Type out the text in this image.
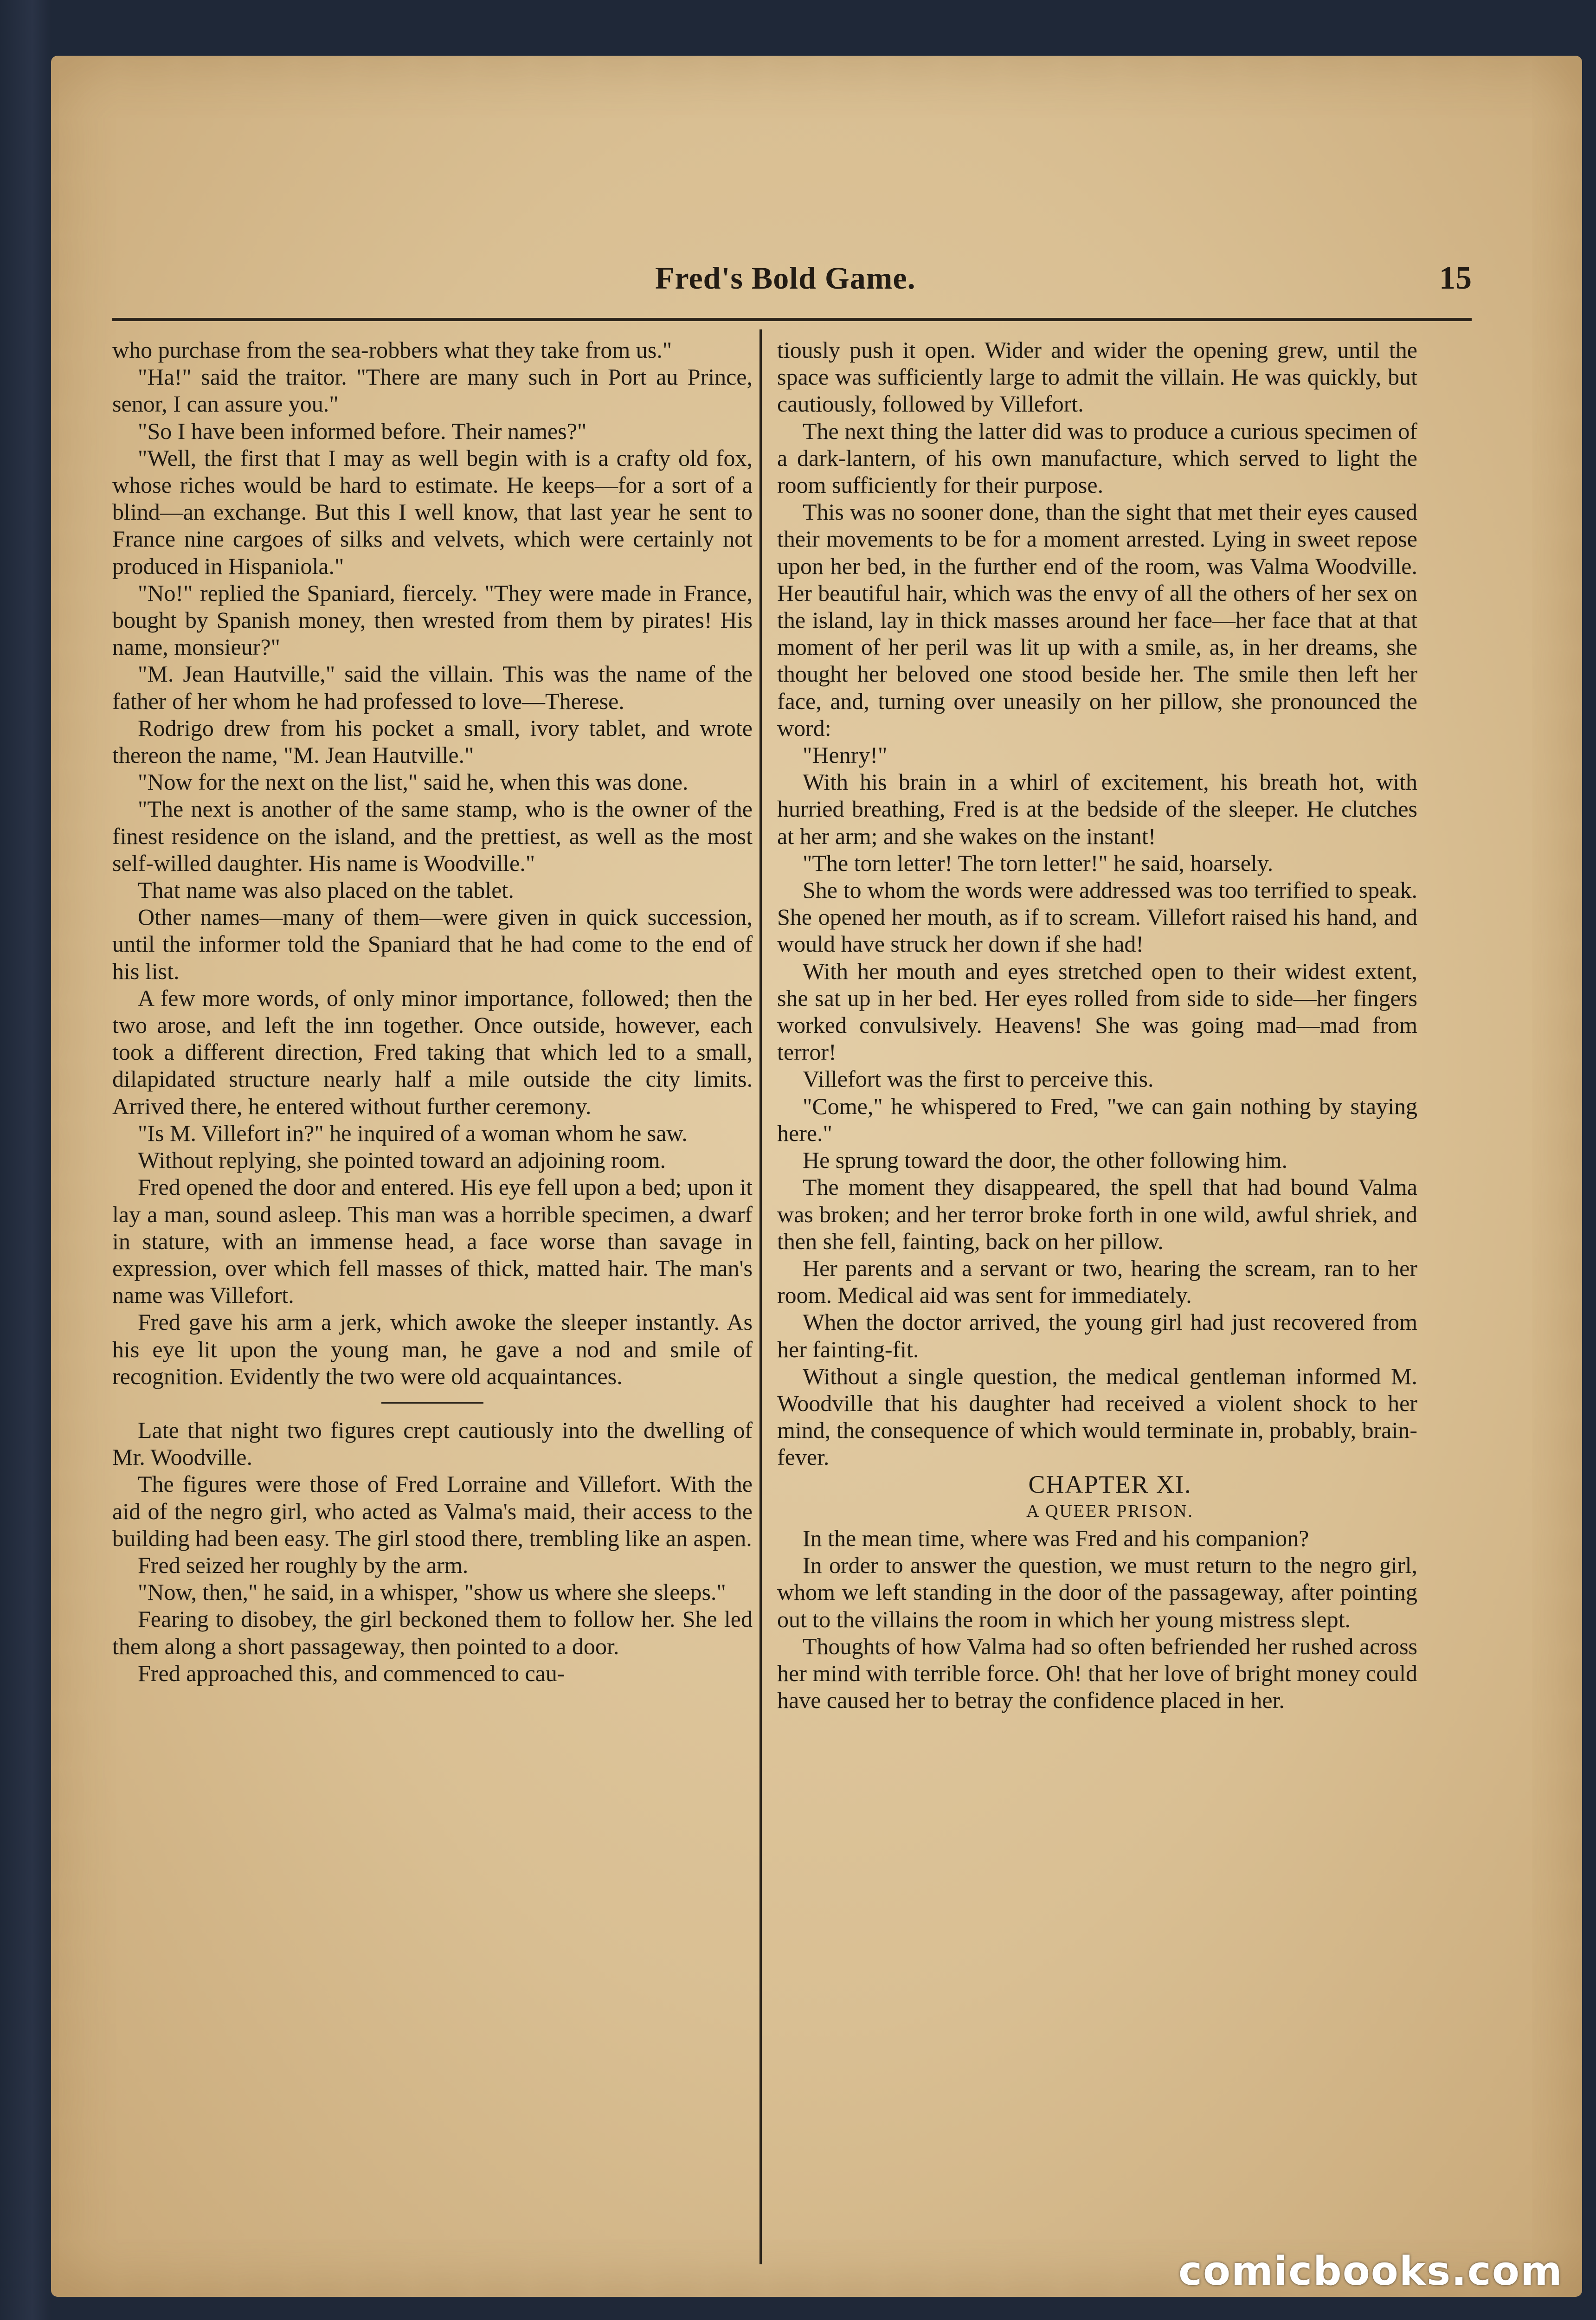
Fred's Bold Game.	15

who purchase from the sea-robbers what they take from us."

"Ha!" said the traitor. "There are many such in Port au Prince, senor, I can assure you."

"So I have been informed before. Their names?"

"Well, the first that I may as well begin with is a crafty old fox, whose riches would be hard to estimate. He keeps—for a sort of a blind—an exchange. But this I well know, that last year he sent to France nine cargoes of silks and velvets, which were certainly not produced in Hispaniola."

"No!" replied the Spaniard, fiercely. "They were made in France, bought by Spanish money, then wrested from them by pirates! His name, monsieur?"

"M. Jean Hautville," said the villain. This was the name of the father of her whom he had professed to love—Therese.

Rodrigo drew from his pocket a small, ivory tablet, and wrote thereon the name, "M. Jean Hautville."

"Now for the next on the list," said he, when this was done.

"The next is another of the same stamp, who is the owner of the finest residence on the island, and the prettiest, as well as the most self-willed daughter. His name is Woodville."

That name was also placed on the tablet.

Other names—many of them—were given in quick succession, until the informer told the Spaniard that he had come to the end of his list.

A few more words, of only minor importance, followed; then the two arose, and left the inn together. Once outside, however, each took a different direction, Fred taking that which led to a small, dilapidated structure nearly half a mile outside the city limits. Arrived there, he entered without further ceremony.

"Is M. Villefort in?" he inquired of a woman whom he saw.

Without replying, she pointed toward an adjoining room.

Fred opened the door and entered. His eye fell upon a bed; upon it lay a man, sound asleep. This man was a horrible specimen, a dwarf in stature, with an immense head, a face worse than savage in expression, over which fell masses of thick, matted hair. The man's name was Villefort.

Fred gave his arm a jerk, which awoke the sleeper instantly. As his eye lit upon the young man, he gave a nod and smile of recognition. Evidently the two were old acquaintances.

Late that night two figures crept cautiously into the dwelling of Mr. Woodville.

The figures were those of Fred Lorraine and Villefort. With the aid of the negro girl, who acted as Valma's maid, their access to the building had been easy. The girl stood there, trembling like an aspen.

Fred seized her roughly by the arm.

"Now, then," he said, in a whisper, "show us where she sleeps."

Fearing to disobey, the girl beckoned them to follow her. She led them along a short passageway, then pointed to a door.

Fred approached this, and commenced to cau-

tiously push it open. Wider and wider the opening grew, until the space was sufficiently large to admit the villain. He was quickly, but cautiously, followed by Villefort.

The next thing the latter did was to produce a curious specimen of a dark-lantern, of his own manufacture, which served to light the room sufficiently for their purpose.

This was no sooner done, than the sight that met their eyes caused their movements to be for a moment arrested. Lying in sweet repose upon her bed, in the further end of the room, was Valma Woodville. Her beautiful hair, which was the envy of all the others of her sex on the island, lay in thick masses around her face—her face that at that moment of her peril was lit up with a smile, as, in her dreams, she thought her beloved one stood beside her. The smile then left her face, and, turning over uneasily on her pillow, she pronounced the word:

"Henry!"

With his brain in a whirl of excitement, his breath hot, with hurried breathing, Fred is at the bedside of the sleeper. He clutches at her arm; and she wakes on the instant!

"The torn letter! The torn letter!" he said, hoarsely.

She to whom the words were addressed was too terrified to speak. She opened her mouth, as if to scream. Villefort raised his hand, and would have struck her down if she had!

With her mouth and eyes stretched open to their widest extent, she sat up in her bed. Her eyes rolled from side to side—her fingers worked convulsively. Heavens! She was going mad—mad from terror!

Villefort was the first to perceive this.

"Come," he whispered to Fred, "we can gain nothing by staying here."

He sprung toward the door, the other following him.

The moment they disappeared, the spell that had bound Valma was broken; and her terror broke forth in one wild, awful shriek, and then she fell, fainting, back on her pillow.

Her parents and a servant or two, hearing the scream, ran to her room. Medical aid was sent for immediately.

When the doctor arrived, the young girl had just recovered from her fainting-fit.

Without a single question, the medical gentleman informed M. Woodville that his daughter had received a violent shock to her mind, the consequence of which would terminate in, probably, brain-fever.

CHAPTER XI.

A QUEER PRISON.

In the mean time, where was Fred and his companion?

In order to answer the question, we must return to the negro girl, whom we left standing in the door of the passageway, after pointing out to the villains the room in which her young mistress slept.

Thoughts of how Valma had so often befriended her rushed across her mind with terrible force. Oh! that her love of bright money could have caused her to betray the confidence placed in her.

comicbooks.com
